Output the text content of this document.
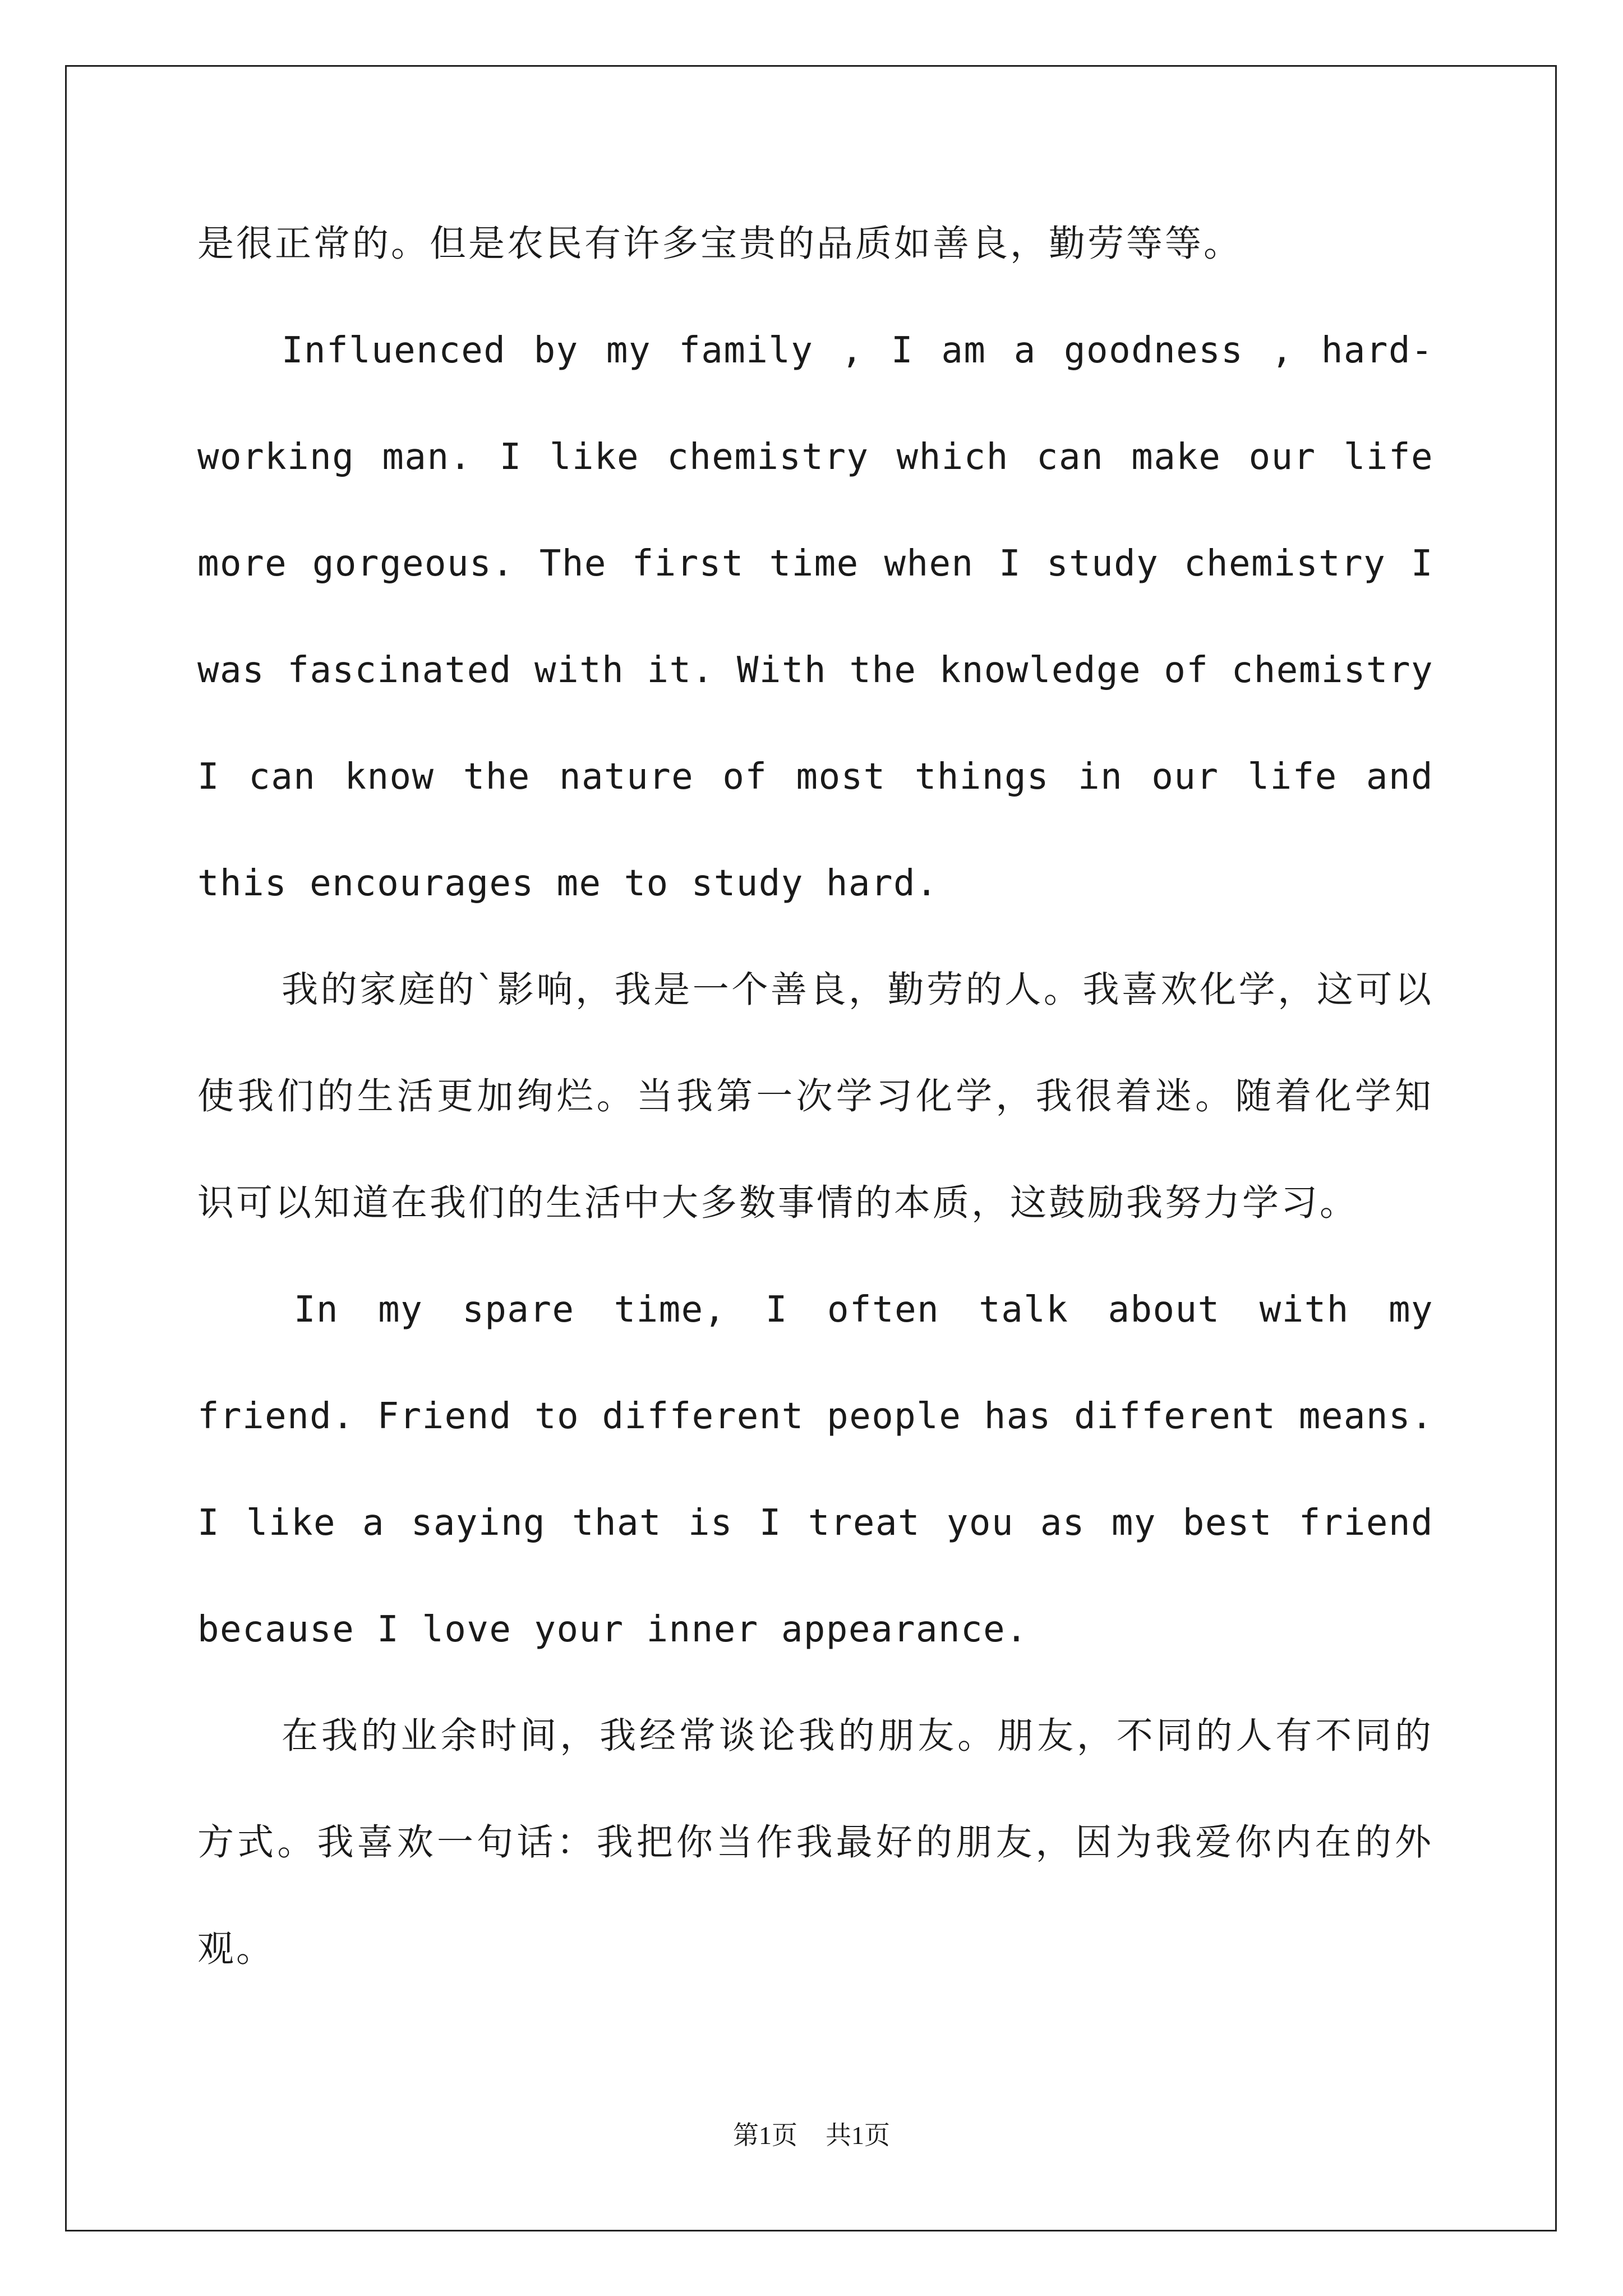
是很正常的。但是农民有许多宝贵的品质如善良，勤劳等等。

Influenced by my family , I am a goodness , hard-working man. I like chemistry which can make our life more gorgeous. The first time when I study chemistry I was fascinated with it. With the knowledge of chemistry I can know the nature of most things in our life and this encourages me to study hard.

我的家庭的`影响，我是一个善良，勤劳的人。我喜欢化学，这可以使我们的生活更加绚烂。当我第一次学习化学，我很着迷。随着化学知识可以知道在我们的生活中大多数事情的本质，这鼓励我努力学习。

In my spare time, I often talk about with my friend. Friend to different people has different means. I like a saying that is I treat you as my best friend because I love your inner appearance.

在我的业余时间，我经常谈论我的朋友。朋友，不同的人有不同的方式。我喜欢一句话：我把你当作我最好的朋友，因为我爱你内在的外观。

第1页 共1页
